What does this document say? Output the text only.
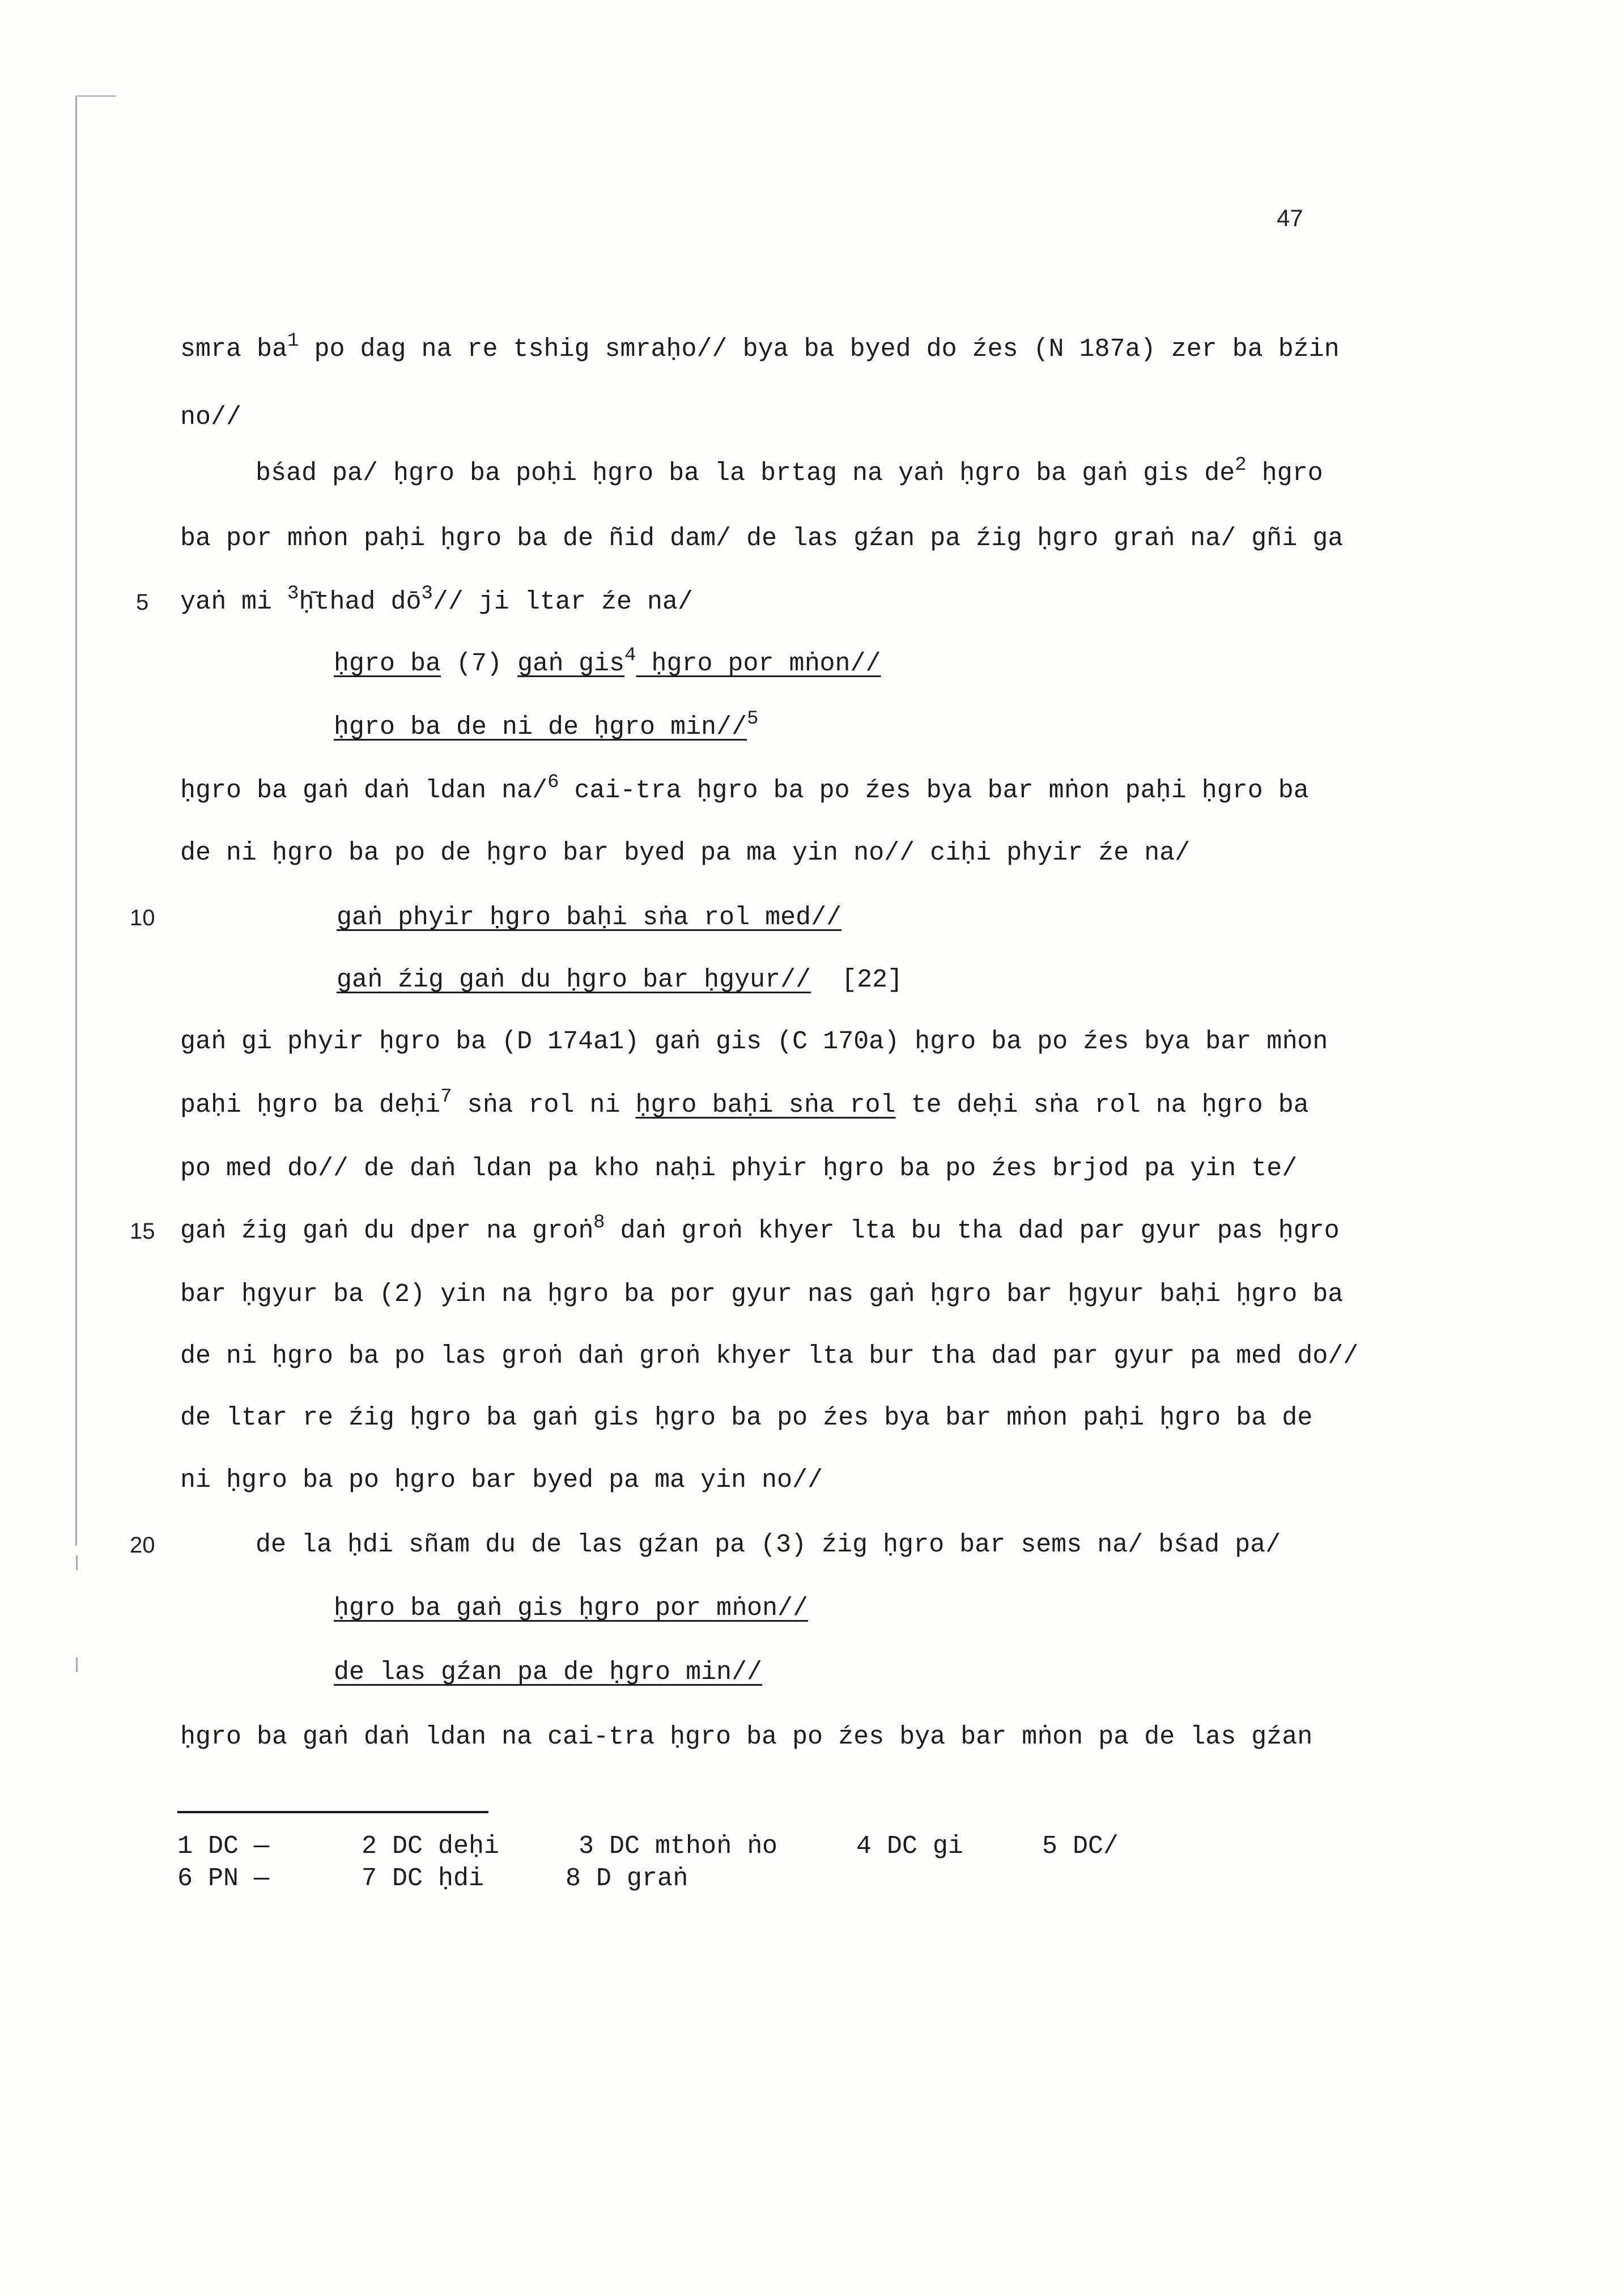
47
5
10
15
20
smra $ba^1$ po dag na re tshig smraḥo// bya ba byed do źes (N 187a) zer ba bźin
no//
bśad pa/ ḥgro ba poḥi ḥgro ba la brtag na yaṅ ḥgro ba gaṅ gis $de^2$ ḥgro
ba por mṅon paḥi ḥgro ba de ñid dam/ de las gźan pa źig ḥgro graṅ na/ gñi ga
yaṅ mi $^3$ḥ̄thad $dō^3//$ ji ltar źe na/
ḥgro ba (7) gaṅ gis$^4$ ḥgro por mṅon//
ḥgro ba de ni de ḥgro min//$^5$
ḥgro ba gaṅ daṅ ldan na/$^6$ cai-tra ḥgro ba po źes bya bar mṅon paḥi ḥgro ba
de ni ḥgro ba po de ḥgro bar byed pa ma yin no// ciḥi phyir źe na/
gaṅ phyir ḥgro baḥi sṅa rol med//
gaṅ źig gaṅ du ḥgro bar ḥgyur//  [22]
gaṅ gi phyir ḥgro ba (D 174a1) gaṅ gis (C 170a) ḥgro ba po źes bya bar mṅon
paḥi ḥgro ba deḥi$^7$ sṅa rol ni ḥgro baḥi sṅa rol te deḥi sṅa rol na ḥgro ba
po med do// de daṅ ldan pa kho naḥi phyir ḥgro ba po źes brjod pa yin te/
gaṅ źig gaṅ du dper na groṅ$^8$ daṅ groṅ khyer lta bu tha dad par gyur pas ḥgro
bar ḥgyur ba (2) yin na ḥgro ba por gyur nas gaṅ ḥgro bar ḥgyur baḥi ḥgro ba
de ni ḥgro ba po las groṅ daṅ groṅ khyer lta bur tha dad par gyur pa med do//
de ltar re źig ḥgro ba gaṅ gis ḥgro ba po źes bya bar mṅon paḥi ḥgro ba de
ni ḥgro ba po ḥgro bar byed pa ma yin no//
de la ḥdi sñam du de las gźan pa (3) źig ḥgro bar sems na/ bśad pa/
ḥgro ba gaṅ gis ḥgro por mṅon//
de las gźan pa de ḥgro min//
ḥgro ba gaṅ daṅ ldan na cai-tra ḥgro ba po źes bya bar mṅon pa de las gźan
1 DC —	2 DC deḥi	3 DC mthoṅ ṅo	4 DC gi	5 DC/
6 PN —	7 DC ḥdi	8 D graṅ
